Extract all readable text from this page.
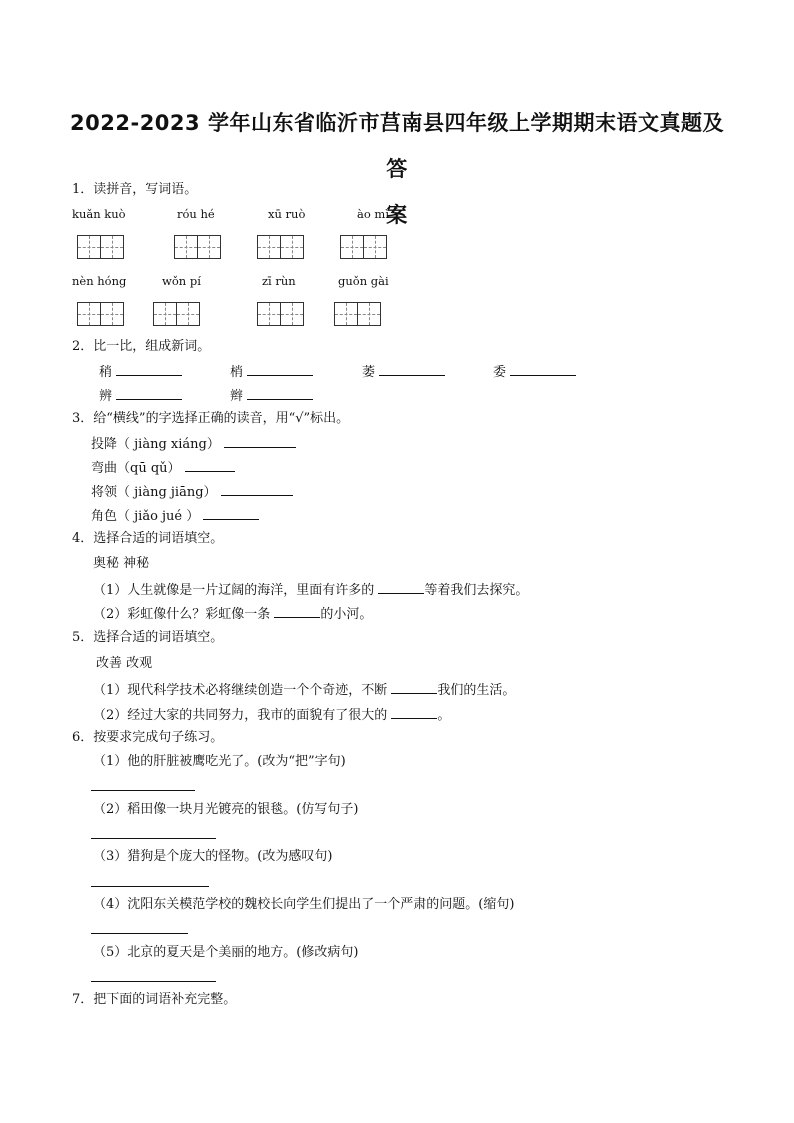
2022-2023 学年山东省临沂市莒南县四年级上学期期末语文真题及答
案
1．读拼音，写词语。
kuǎn kuò	róu hé	xū ruò	ào mì
nèn hóng	wǒn pí	zī rùn	guǒn gài
2．比一比，组成新词。
稍	梢	萎	委
辨	辫
3．给“横线”的字选择正确的读音，用“√”标出。
投降（ jiàng xiáng）
弯曲（qū qǔ）
将领（ jiàng jiāng）
角色（ jiǎo jué ）
4．选择合适的词语填空。
奥秘 神秘
（1）人生就像是一片辽阔的海洋，里面有许多的	等着我们去探究。
（2）彩虹像什么？彩虹像一条	的小河。
5．选择合适的词语填空。
改善 改观
（1）现代科学技术必将继续创造一个个奇迹，不断	我们的生活。
（2）经过大家的共同努力，我市的面貌有了很大的	。
6．按要求完成句子练习。
（1）他的肝脏被鹰吃光了。(改为“把”字句)
（2）稻田像一块月光镀亮的银毯。(仿写句子)
（3）猎狗是个庞大的怪物。(改为感叹句)
（4）沈阳东关模范学校的魏校长向学生们提出了一个严肃的问题。(缩句)
（5）北京的夏天是个美丽的地方。(修改病句)
7．把下面的词语补充完整。
